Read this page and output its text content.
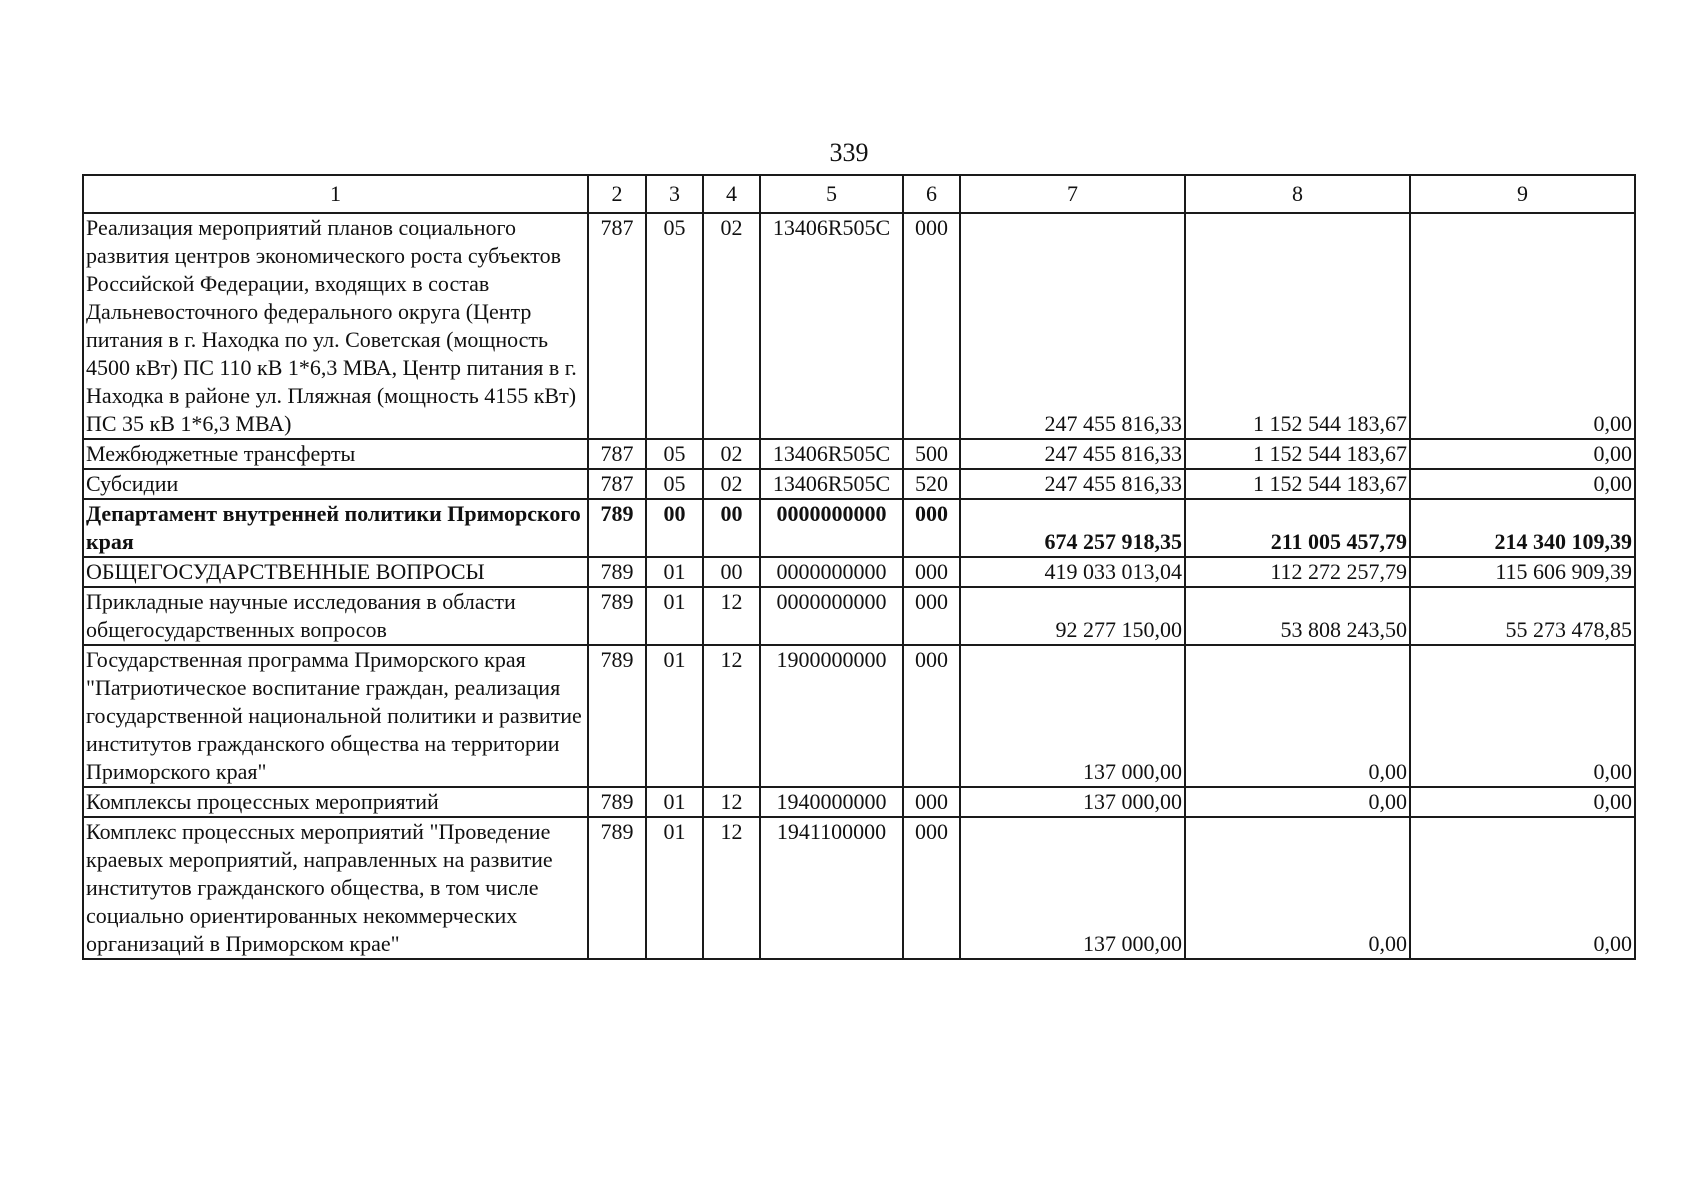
339
1	2	3	4	5	6	7	8	9
Реализация мероприятий планов социального развития центров экономического роста субъектов Российской Федерации, входящих в состав Дальневосточного федерального округа (Центр питания в г. Находка по ул. Советская (мощность 4500 кВт) ПС 110 кВ 1*6,3 МВА, Центр питания в г. Находка в районе ул. Пляжная (мощность 4155 кВт) ПС 35 кВ 1*6,3 МВА)	787	05	02	13406R505C	000	247 455 816,33	1 152 544 183,67	0,00
Межбюджетные трансферты	787	05	02	13406R505C	500	247 455 816,33	1 152 544 183,67	0,00
Субсидии	787	05	02	13406R505C	520	247 455 816,33	1 152 544 183,67	0,00
Департамент внутренней политики Приморского края	789	00	00	0000000000	000	674 257 918,35	211 005 457,79	214 340 109,39
ОБЩЕГОСУДАРСТВЕННЫЕ ВОПРОСЫ	789	01	00	0000000000	000	419 033 013,04	112 272 257,79	115 606 909,39
Прикладные научные исследования в области общегосударственных вопросов	789	01	12	0000000000	000	92 277 150,00	53 808 243,50	55 273 478,85
Государственная программа Приморского края "Патриотическое воспитание граждан, реализация государственной национальной политики и развитие институтов гражданского общества на территории Приморского края"	789	01	12	1900000000	000	137 000,00	0,00	0,00
Комплексы процессных мероприятий	789	01	12	1940000000	000	137 000,00	0,00	0,00
Комплекс процессных мероприятий "Проведение краевых мероприятий, направленных на развитие институтов гражданского общества, в том числе социально ориентированных некоммерческих организаций в Приморском крае"	789	01	12	1941100000	000	137 000,00	0,00	0,00
